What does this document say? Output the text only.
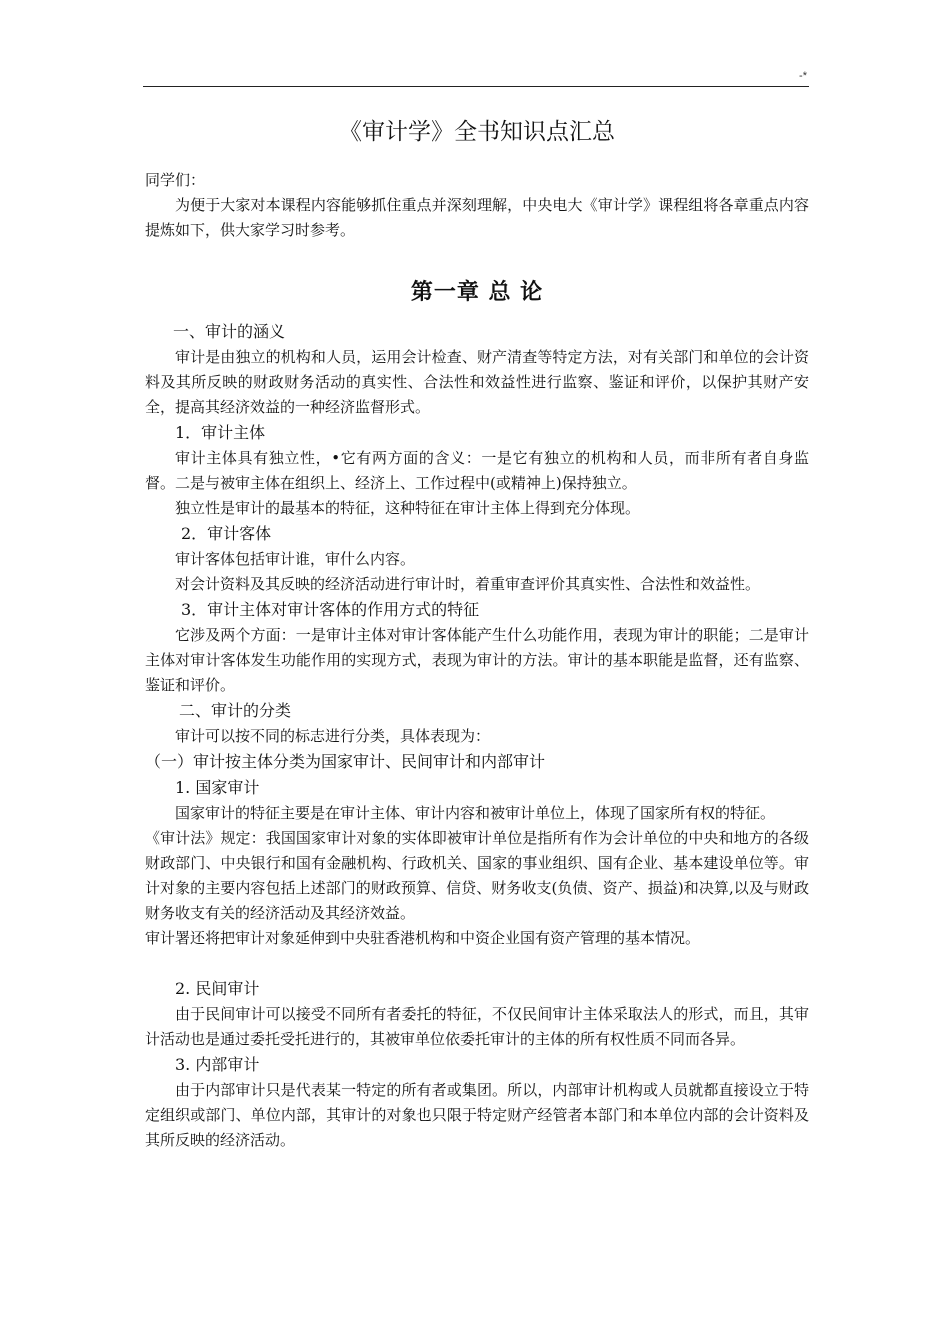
-*
《审计学》全书知识点汇总

同学们：

为便于大家对本课程内容能够抓住重点并深刻理解，中央电大《审计学》课程组将各章重点内容提炼如下，供大家学习时参考。

第一章 总 论

一、审计的涵义

审计是由独立的机构和人员，运用会计检查、财产清查等特定方法，对有关部门和单位的会计资料及其所反映的财政财务活动的真实性、合法性和效益性进行监察、鉴证和评价，以保护其财产安全，提高其经济效益的一种经济监督形式。

1．审计主体

审计主体具有独立性，•它有两方面的含义：一是它有独立的机构和人员，而非所有者自身监督。二是与被审主体在组织上、经济上、工作过程中(或精神上)保持独立。

独立性是审计的最基本的特征，这种特征在审计主体上得到充分体现。

2．审计客体

审计客体包括审计谁，审什么内容。

对会计资料及其反映的经济活动进行审计时，着重审查评价其真实性、合法性和效益性。

3．审计主体对审计客体的作用方式的特征

它涉及两个方面：一是审计主体对审计客体能产生什么功能作用，表现为审计的职能；二是审计主体对审计客体发生功能作用的实现方式，表现为审计的方法。审计的基本职能是监督，还有监察、鉴证和评价。

二、审计的分类

审计可以按不同的标志进行分类，具体表现为：

（一）审计按主体分类为国家审计、民间审计和内部审计

1. 国家审计

国家审计的特征主要是在审计主体、审计内容和被审计单位上，体现了国家所有权的特征。

《审计法》规定：我国国家审计对象的实体即被审计单位是指所有作为会计单位的中央和地方的各级财政部门、中央银行和国有金融机构、行政机关、国家的事业组织、国有企业、基本建设单位等。审计对象的主要内容包括上述部门的财政预算、信贷、财务收支(负债、资产、损益)和决算,以及与财政财务收支有关的经济活动及其经济效益。

审计署还将把审计对象延伸到中央驻香港机构和中资企业国有资产管理的基本情况。

2. 民间审计

由于民间审计可以接受不同所有者委托的特征，不仅民间审计主体采取法人的形式，而且，其审计活动也是通过委托受托进行的，其被审单位依委托审计的主体的所有权性质不同而各异。

3. 内部审计

由于内部审计只是代表某一特定的所有者或集团。所以，内部审计机构或人员就都直接设立于特定组织或部门、单位内部，其审计的对象也只限于特定财产经管者本部门和本单位内部的会计资料及其所反映的经济活动。
